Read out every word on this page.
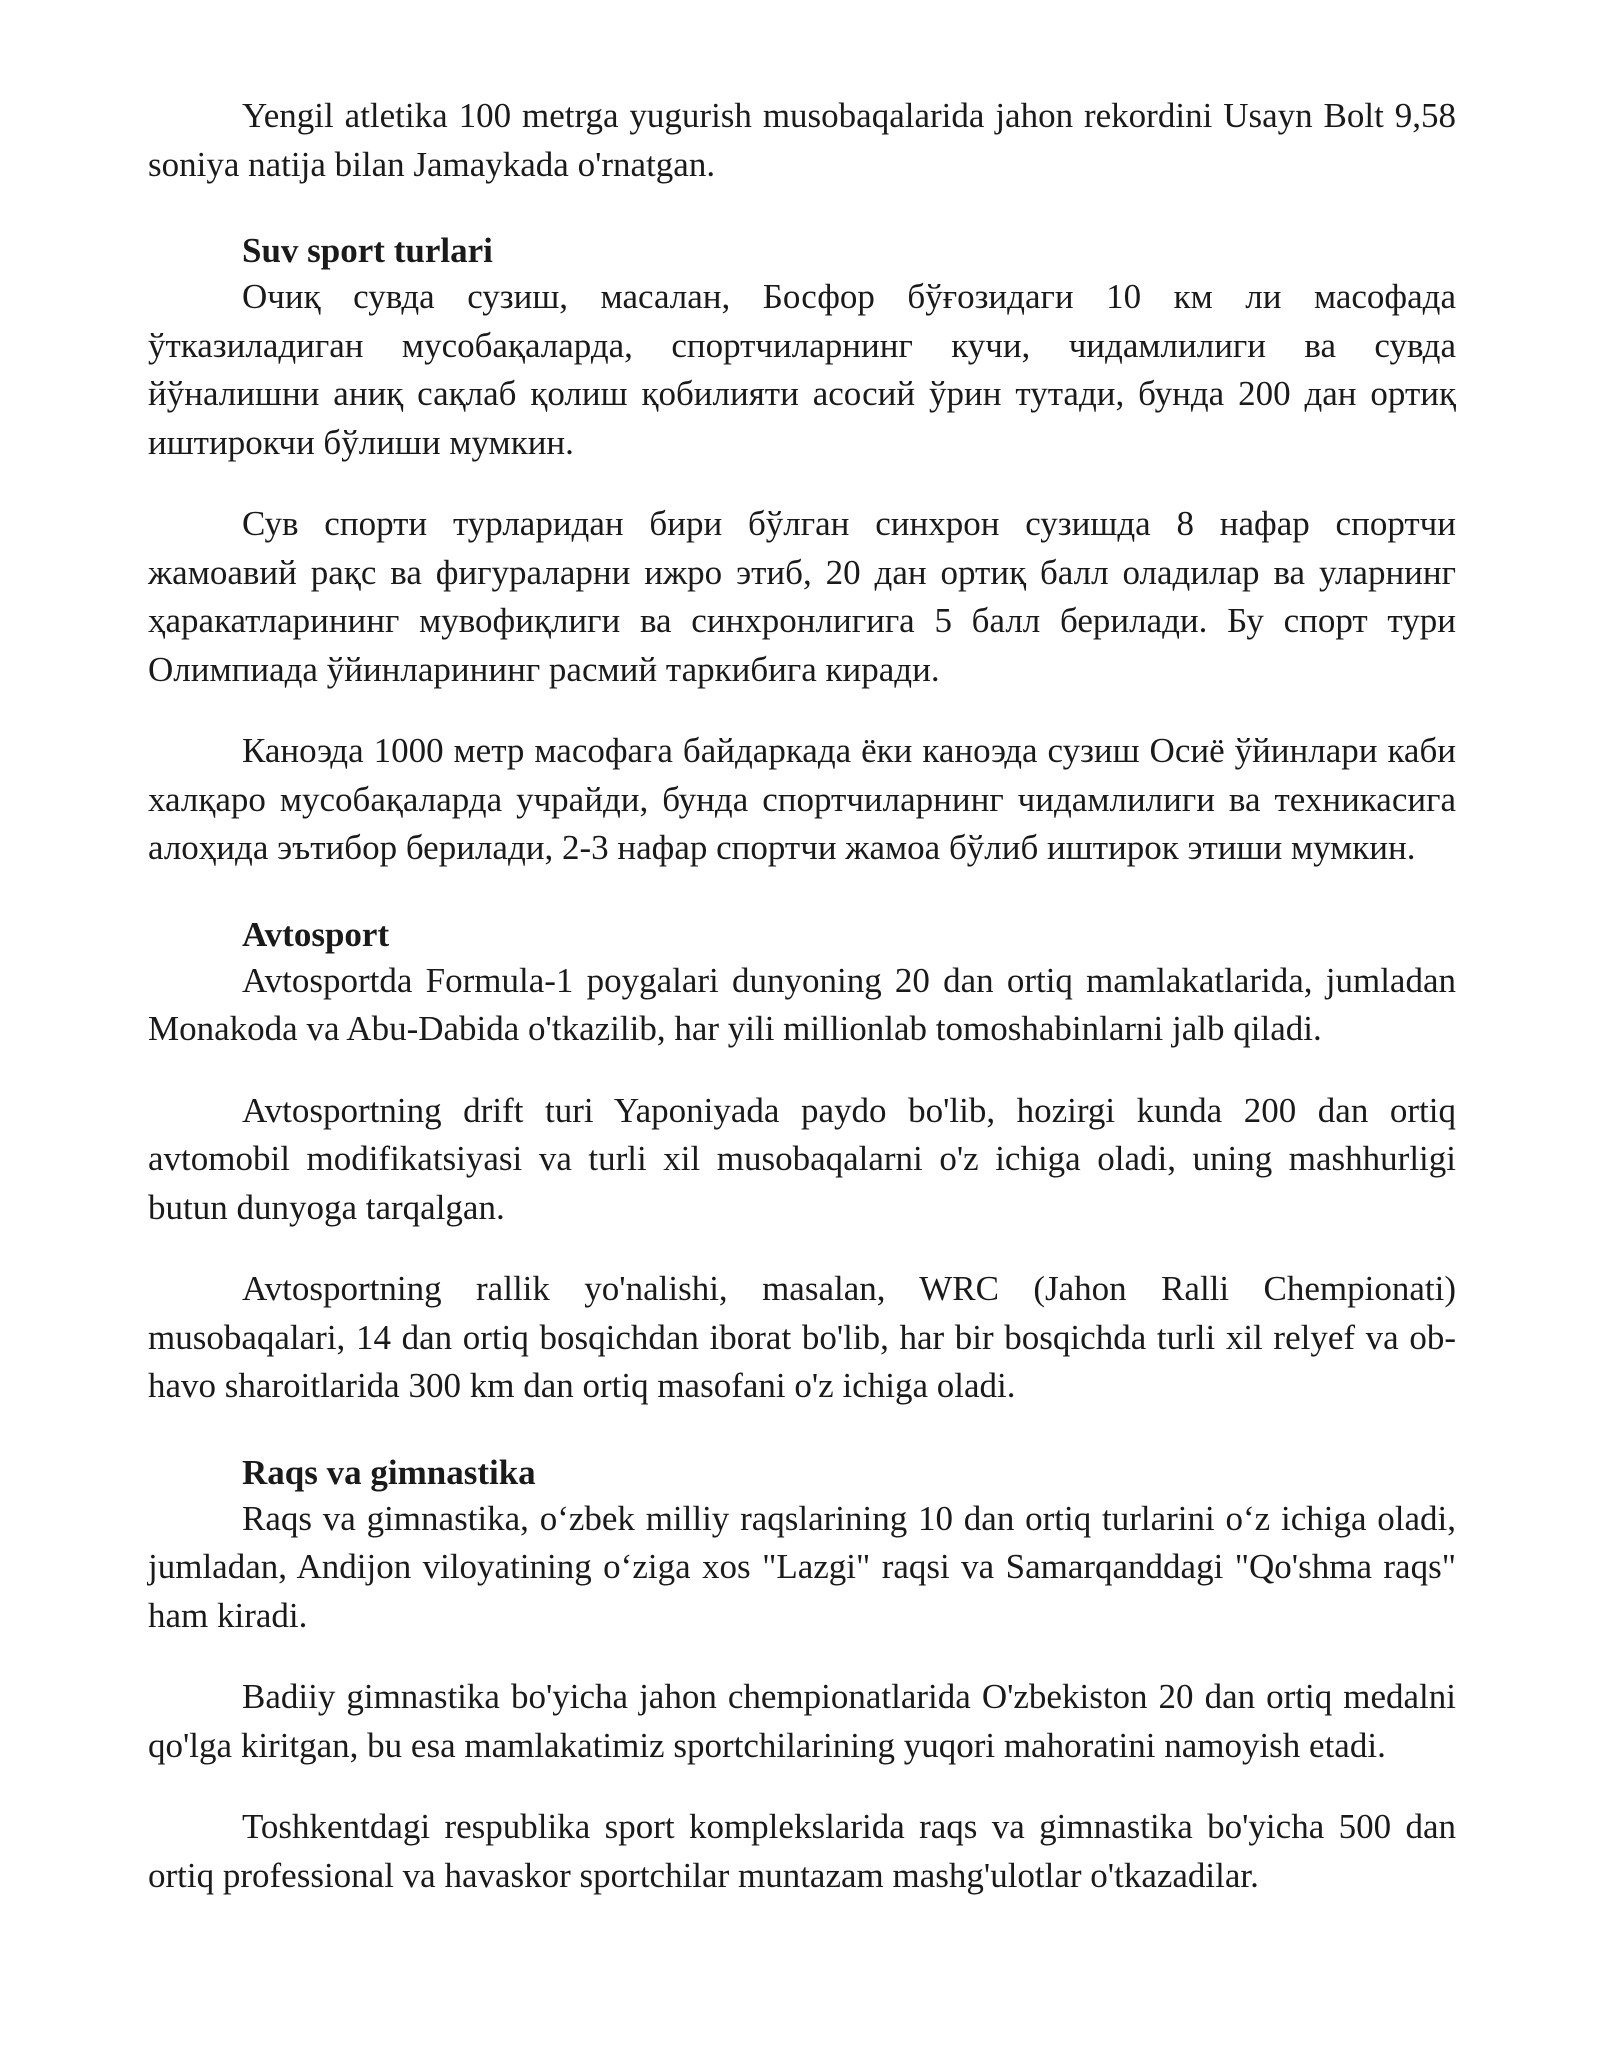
Yengil atletika 100 metrga yugurish musobaqalarida jahon rekordini Usayn Bolt 9,58 soniya natija bilan Jamaykada o'rnatgan.

Suv sport turlari

Очиқ сувда сузиш, масалан, Босфор бўғозидаги 10 км ли масофада ўтказиладиган мусобақаларда, спортчиларнинг кучи, чидамлилиги ва сувда йўналишни аниқ сақлаб қолиш қобилияти асосий ўрин тутади, бунда 200 дан ортиқ иштирокчи бўлиши мумкин.

Сув спорти турларидан бири бўлган синхрон сузишда 8 нафар спортчи жамоавий рақс ва фигураларни ижро этиб, 20 дан ортиқ балл оладилар ва уларнинг ҳаракатларининг мувофиқлиги ва синхронлигига 5 балл берилади. Бу спорт тури Олимпиада ўйинларининг расмий таркибига киради.

Каноэда 1000 метр масофага байдаркада ёки каноэда сузиш Осиё ўйинлари каби халқаро мусобақаларда учрайди, бунда спортчиларнинг чидамлилиги ва техникасига алоҳида эътибор берилади, 2-3 нафар спортчи жамоа бўлиб иштирок этиши мумкин.

Avtosport

Avtosportda Formula-1 poygalari dunyoning 20 dan ortiq mamlakatlarida, jumladan Monakoda va Abu-Dabida o'tkazilib, har yili millionlab tomoshabinlarni jalb qiladi.

Avtosportning drift turi Yaponiyada paydo bo'lib, hozirgi kunda 200 dan ortiq avtomobil modifikatsiyasi va turli xil musobaqalarni o'z ichiga oladi, uning mashhurligi butun dunyoga tarqalgan.

Avtosportning rallik yo'nalishi, masalan, WRC (Jahon Ralli Chempionati) musobaqalari, 14 dan ortiq bosqichdan iborat bo'lib, har bir bosqichda turli xil relyef va ob-havo sharoitlarida 300 km dan ortiq masofani o'z ichiga oladi.

Raqs va gimnastika

Raqs va gimnastika, oʻzbek milliy raqslarining 10 dan ortiq turlarini oʻz ichiga oladi, jumladan, Andijon viloyatining oʻziga xos "Lazgi" raqsi va Samarqanddagi "Qo'shma raqs" ham kiradi.

Badiiy gimnastika bo'yicha jahon chempionatlarida O'zbekiston 20 dan ortiq medalni qo'lga kiritgan, bu esa mamlakatimiz sportchilarining yuqori mahoratini namoyish etadi.

Toshkentdagi respublika sport komplekslarida raqs va gimnastika bo'yicha 500 dan ortiq professional va havaskor sportchilar muntazam mashg'ulotlar o'tkazadilar.
